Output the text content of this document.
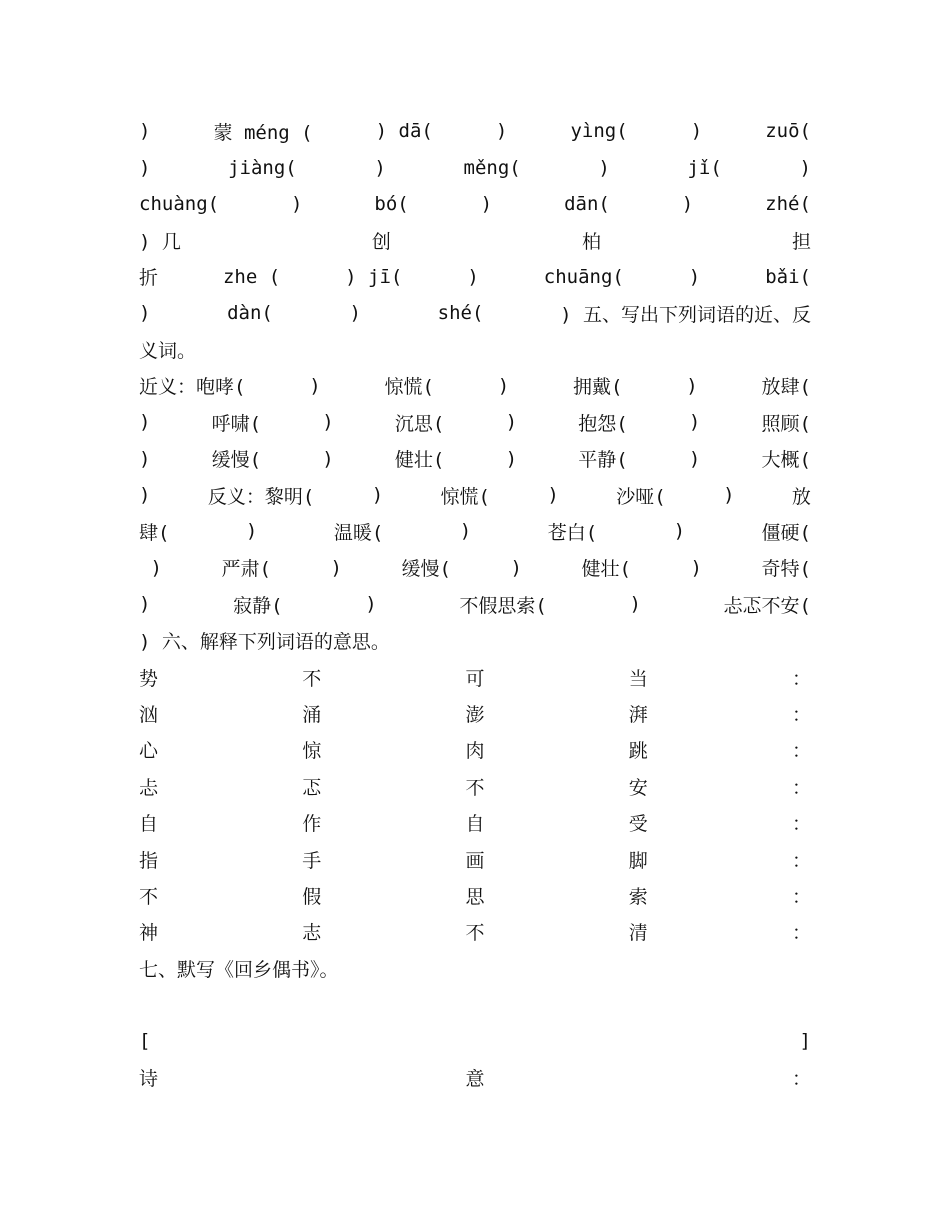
)	蒙 méng (	) dā(	)	yìng(	)	zuō(
)	jiàng(	)	měng(	)	jǐ(	)
chuàng(	)	bó(	)	dān(	)	zhé(
) 几	创	柏	担
折	zhe (	) jī(	)	chuāng(	)	bǎi(
)	dàn(	)	shé(	) 五、写出下列词语的近、反
义词。
近义：咆哮(	)	惊慌(	)	拥戴(	)	放肆(
)	呼啸(	)	沉思(	)	抱怨(	)	照顾(
)	缓慢(	)	健壮(	)	平静(	)	大概(
)	反义：黎明(	)	惊慌(	)	沙哑(	)	放
肆(	)	温暖(	)	苍白(	)	僵硬(
)	严肃(	)	缓慢(	)	健壮(	)	奇特(
)	寂静(	)	不假思索(	)	忐忑不安(
) 六、解释下列词语的意思。
势	不	可	当	：
汹	涌	澎	湃	：
心	惊	肉	跳	：
忐	忑	不	安	：
自	作	自	受	：
指	手	画	脚	：
不	假	思	索	：
神	志	不	清	：
七、默写《回乡偶书》。
[	]
诗	意	：
